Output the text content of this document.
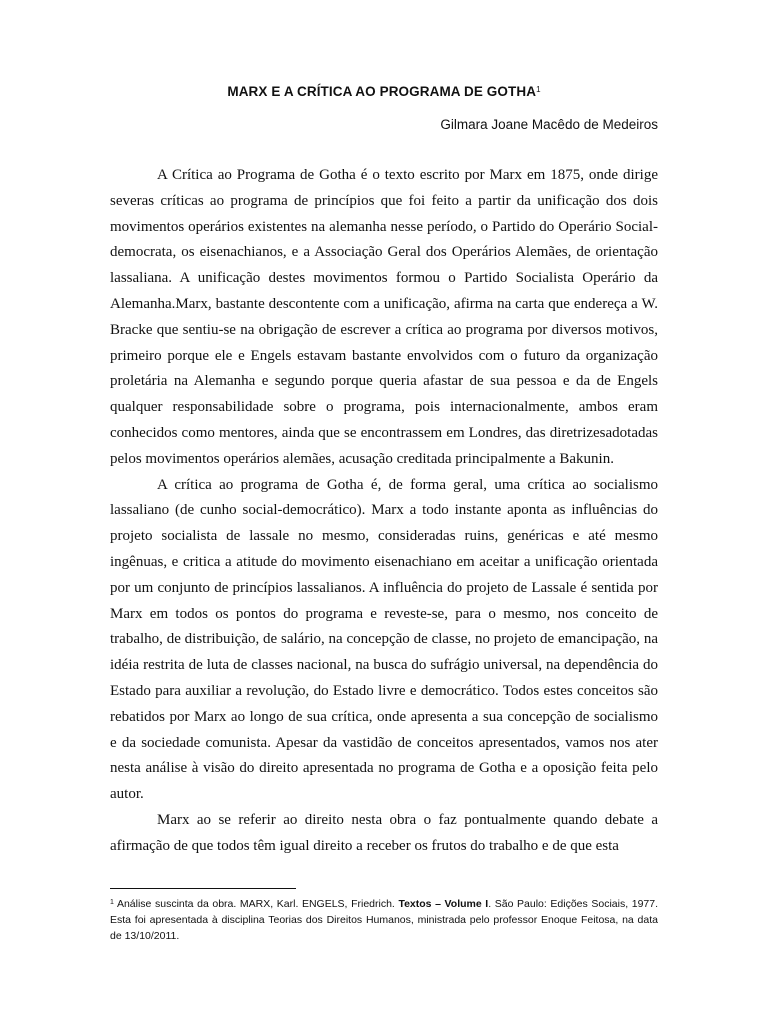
MARX E A CRÍTICA AO PROGRAMA DE GOTHA$^1$
Gilmara Joane Macêdo de Medeiros

A Crítica ao Programa de Gotha é o texto escrito por Marx em 1875, onde dirige severas críticas ao programa de princípios que foi feito a partir da unificação dos dois movimentos operários existentes na alemanha nesse período, o Partido do Operário Social-democrata, os eisenachianos, e a Associação Geral dos Operários Alemães, de orientação lassaliana. A unificação destes movimentos formou o Partido Socialista Operário da Alemanha.Marx, bastante descontente com a unificação, afirma na carta que endereça a W. Bracke que sentiu-se na obrigação de escrever a crítica ao programa por diversos motivos, primeiro porque ele e Engels estavam bastante envolvidos com o futuro da organização proletária na Alemanha e segundo porque queria afastar de sua pessoa e da de Engels qualquer responsabilidade sobre o programa, pois internacionalmente, ambos eram conhecidos como mentores, ainda que se encontrassem em Londres, das diretrizesadotadas pelos movimentos operários alemães, acusação creditada principalmente a Bakunin.

A crítica ao programa de Gotha é, de forma geral, uma crítica ao socialismo lassaliano (de cunho social-democrático). Marx a todo instante aponta as influências do projeto socialista de lassale no mesmo, consideradas ruins, genéricas e até mesmo ingênuas, e critica a atitude do movimento eisenachiano em aceitar a unificação orientada por um conjunto de princípios lassalianos. A influência do projeto de Lassale é sentida por Marx em todos os pontos do programa e reveste-se, para o mesmo, nos conceito de trabalho, de distribuição, de salário, na concepção de classe, no projeto de emancipação, na idéia restrita de luta de classes nacional, na busca do sufrágio universal, na dependência do Estado para auxiliar a revolução, do Estado livre e democrático. Todos estes conceitos são rebatidos por Marx ao longo de sua crítica, onde apresenta a sua concepção de socialismo e da sociedade comunista. Apesar da vastidão de conceitos apresentados, vamos nos ater nesta análise à visão do direito apresentada no programa de Gotha e a oposição feita pelo autor.

Marx ao se referir ao direito nesta obra o faz pontualmente quando debate a afirmação de que todos têm igual direito a receber os frutos do trabalho e de que esta

$^1$ Análise suscinta da obra. MARX, Karl. ENGELS, Friedrich. Textos – Volume I. São Paulo: Edições Sociais, 1977. Esta foi apresentada à disciplina Teorias dos Direitos Humanos, ministrada pelo professor Enoque Feitosa, na data de 13/10/2011.
